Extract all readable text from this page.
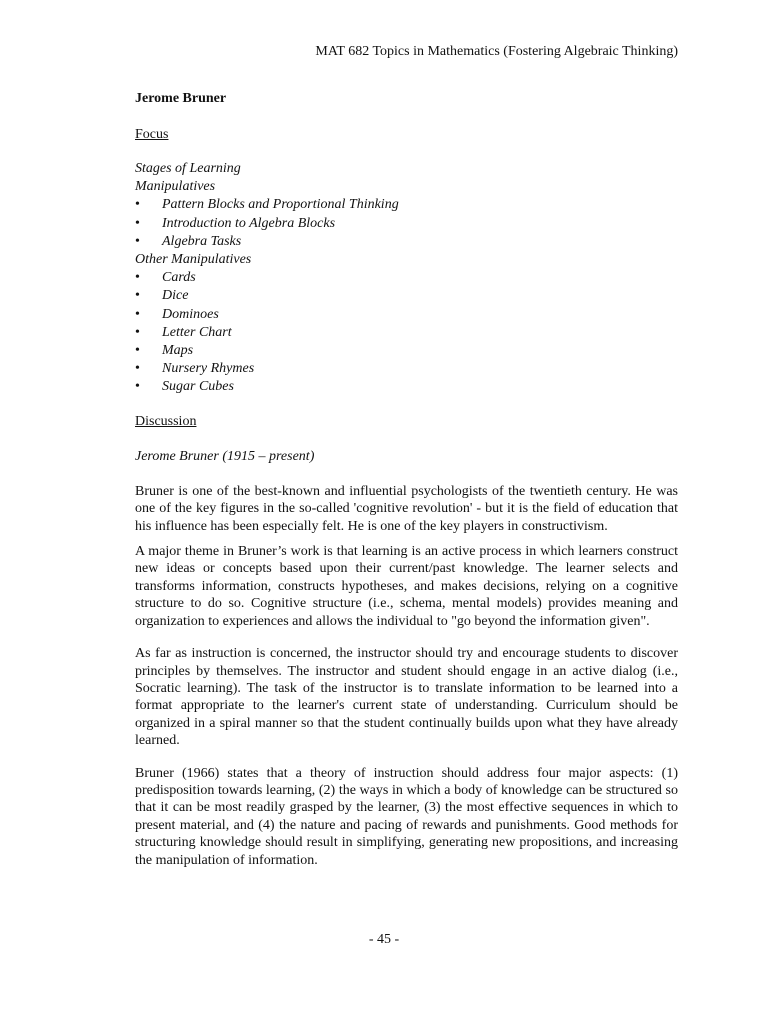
MAT 682 Topics in Mathematics (Fostering Algebraic Thinking)

Jerome Bruner

Focus

Stages of Learning

Manipulatives

• Pattern Blocks and Proportional Thinking
• Introduction to Algebra Blocks
• Algebra Tasks

Other Manipulatives

• Cards
• Dice
• Dominoes
• Letter Chart
• Maps
• Nursery Rhymes
• Sugar Cubes

Discussion

Jerome Bruner (1915 – present)

Bruner is one of the best-known and influential psychologists of the twentieth century. He was one of the key figures in the so-called 'cognitive revolution' - but it is the field of education that his influence has been especially felt. He is one of the key players in constructivism.

A major theme in Bruner’s work is that learning is an active process in which learners construct new ideas or concepts based upon their current/past knowledge. The learner selects and transforms information, constructs hypotheses, and makes decisions, relying on a cognitive structure to do so. Cognitive structure (i.e., schema, mental models) provides meaning and organization to experiences and allows the individual to "go beyond the information given".

As far as instruction is concerned, the instructor should try and encourage students to discover principles by themselves. The instructor and student should engage in an active dialog (i.e., Socratic learning). The task of the instructor is to translate information to be learned into a format appropriate to the learner's current state of understanding. Curriculum should be organized in a spiral manner so that the student continually builds upon what they have already learned.

Bruner (1966) states that a theory of instruction should address four major aspects: (1) predisposition towards learning, (2) the ways in which a body of knowledge can be structured so that it can be most readily grasped by the learner, (3) the most effective sequences in which to present material, and (4) the nature and pacing of rewards and punishments. Good methods for structuring knowledge should result in simplifying, generating new propositions, and increasing the manipulation of information.

- 45 -
